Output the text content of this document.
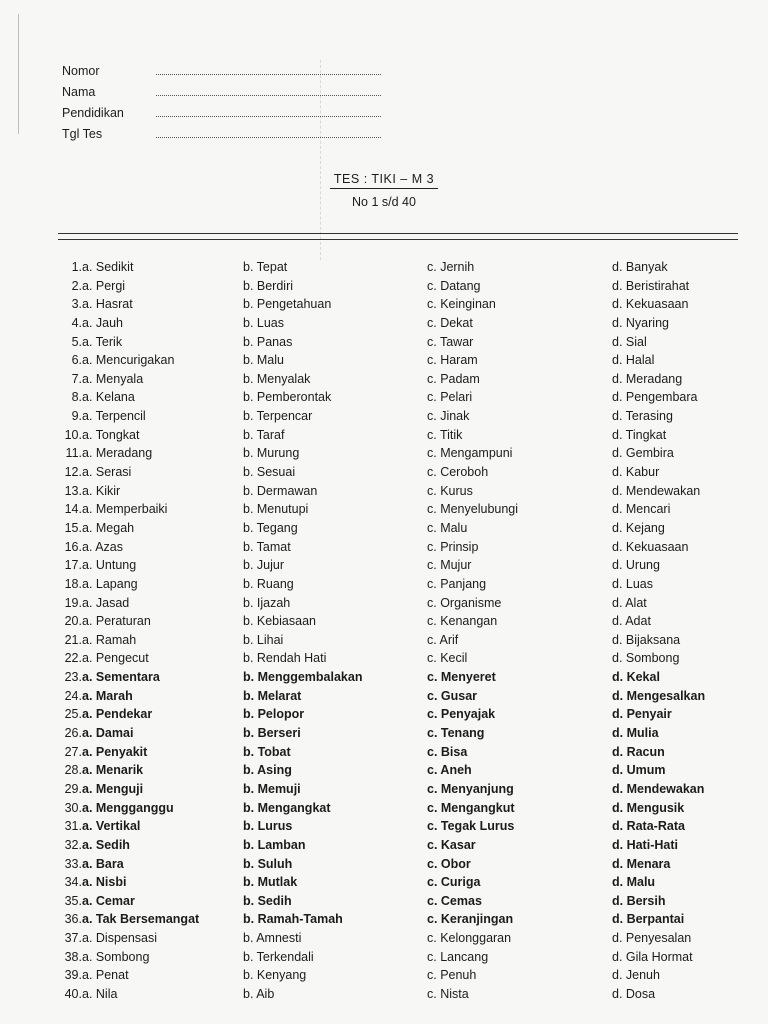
Nomor
Nama
Pendidikan
Tgl Tes
TES : TIKI – M 3
No 1 s/d 40
1. a. Sedikit	b. Tepat	c. Jernih	d. Banyak
2. a. Pergi	b. Berdiri	c. Datang	d. Beristirahat
3. a. Hasrat	b. Pengetahuan	c. Keinginan	d. Kekuasaan
4. a. Jauh	b. Luas	c. Dekat	d. Nyaring
5. a. Terik	b. Panas	c. Tawar	d. Sial
6. a. Mencurigakan	b. Malu	c. Haram	d. Halal
7. a. Menyala	b. Menyalak	c. Padam	d. Meradang
8. a. Kelana	b. Pemberontak	c. Pelari	d. Pengembara
9. a. Terpencil	b. Terpencar	c. Jinak	d. Terasing
10. a. Tongkat	b. Taraf	c. Titik	d. Tingkat
11. a. Meradang	b. Murung	c. Mengampuni	d. Gembira
12. a. Serasi	b. Sesuai	c. Ceroboh	d. Kabur
13. a. Kikir	b. Dermawan	c. Kurus	d. Mendewakan
14. a. Memperbaiki	b. Menutupi	c. Menyelubungi	d. Mencari
15. a. Megah	b. Tegang	c. Malu	d. Kejang
16. a. Azas	b. Tamat	c. Prinsip	d. Kekuasaan
17. a. Untung	b. Jujur	c. Mujur	d. Urung
18. a. Lapang	b. Ruang	c. Panjang	d. Luas
19. a. Jasad	b. Ijazah	c. Organisme	d. Alat
20. a. Peraturan	b. Kebiasaan	c. Kenangan	d. Adat
21. a. Ramah	b. Lihai	c. Arif	d. Bijaksana
22. a. Pengecut	b. Rendah Hati	c. Kecil	d. Sombong
23. a. Sementara	b. Menggembalakan	c. Menyeret	d. Kekal
24. a. Marah	b. Melarat	c. Gusar	d. Mengesalkan
25. a. Pendekar	b. Pelopor	c. Penyajak	d. Penyair
26. a. Damai	b. Berseri	c. Tenang	d. Mulia
27. a. Penyakit	b. Tobat	c. Bisa	d. Racun
28. a. Menarik	b. Asing	c. Aneh	d. Umum
29. a. Menguji	b. Memuji	c. Menyanjung	d. Mendewakan
30. a. Mengganggu	b. Mengangkat	c. Mengangkut	d. Mengusik
31. a. Vertikal	b. Lurus	c. Tegak Lurus	d. Rata-Rata
32. a. Sedih	b. Lamban	c. Kasar	d. Hati-Hati
33. a. Bara	b. Suluh	c. Obor	d. Menara
34. a. Nisbi	b. Mutlak	c. Curiga	d. Malu
35. a. Cemar	b. Sedih	c. Cemas	d. Bersih
36. a. Tak Bersemangat	b. Ramah-Tamah	c. Keranjingan	d. Berpantai
37. a. Dispensasi	b. Amnesti	c. Kelonggaran	d. Penyesalan
38. a. Sombong	b. Terkendali	c. Lancang	d. Gila Hormat
39. a. Penat	b. Kenyang	c. Penuh	d. Jenuh
40. a. Nila	b. Aib	c. Nista	d. Dosa
